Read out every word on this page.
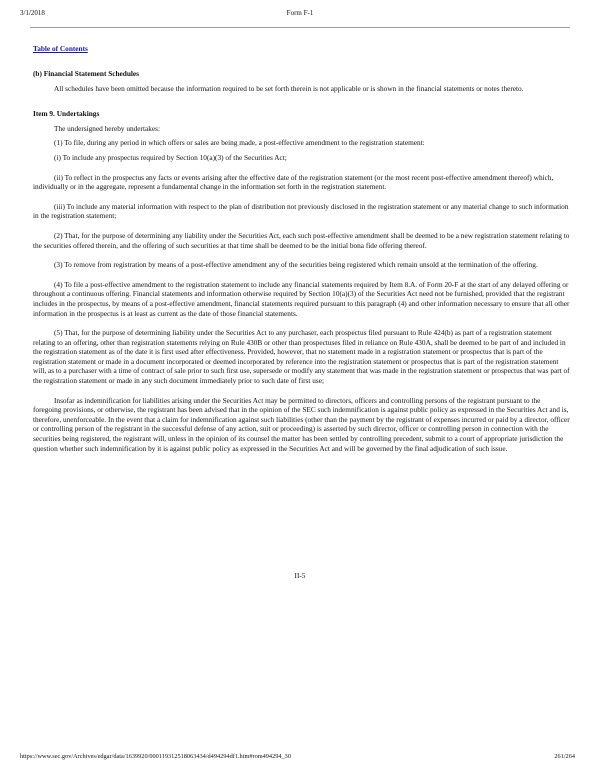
3/1/2018	Form F-1
Table of Contents

(b) Financial Statement Schedules

All schedules have been omitted because the information required to be set forth therein is not applicable or is shown in the financial statements or notes thereto.

Item 9. Undertakings

The undersigned hereby undertakes:

(1) To file, during any period in which offers or sales are being made, a post-effective amendment to the registration statement:

(i) To include any prospectus required by Section 10(a)(3) of the Securities Act;

(ii) To reflect in the prospectus any facts or events arising after the effective date of the registration statement (or the most recent post-effective amendment thereof) which, individually or in the aggregate, represent a fundamental change in the information set forth in the registration statement.

(iii) To include any material information with respect to the plan of distribution not previously disclosed in the registration statement or any material change to such information in the registration statement;

(2) That, for the purpose of determining any liability under the Securities Act, each such post-effective amendment shall be deemed to be a new registration statement relating to the securities offered therein, and the offering of such securities at that time shall be deemed to be the initial bona fide offering thereof.

(3) To remove from registration by means of a post-effective amendment any of the securities being registered which remain unsold at the termination of the offering.

(4) To file a post-effective amendment to the registration statement to include any financial statements required by Item 8.A. of Form 20-F at the start of any delayed offering or throughout a continuous offering. Financial statements and information otherwise required by Section 10(a)(3) of the Securities Act need not be furnished, provided that the registrant includes in the prospectus, by means of a post-effective amendment, financial statements required pursuant to this paragraph (4) and other information necessary to ensure that all other information in the prospectus is at least as current as the date of those financial statements.

(5) That, for the purpose of determining liability under the Securities Act to any purchaser, each prospectus filed pursuant to Rule 424(b) as part of a registration statement relating to an offering, other than registration statements relying on Rule 430B or other than prospectuses filed in reliance on Rule 430A, shall be deemed to be part of and included in the registration statement as of the date it is first used after effectiveness. Provided, however, that no statement made in a registration statement or prospectus that is part of the registration statement or made in a document incorporated or deemed incorporated by reference into the registration statement or prospectus that is part of the registration statement will, as to a purchaser with a time of contract of sale prior to such first use, supersede or modify any statement that was made in the registration statement or prospectus that was part of the registration statement or made in any such document immediately prior to such date of first use;

Insofar as indemnification for liabilities arising under the Securities Act may be permitted to directors, officers and controlling persons of the registrant pursuant to the foregoing provisions, or otherwise, the registrant has been advised that in the opinion of the SEC such indemnification is against public policy as expressed in the Securities Act and is, therefore, unenforceable. In the event that a claim for indemnification against such liabilities (other than the payment by the registrant of expenses incurred or paid by a director, officer or controlling person of the registrant in the successful defense of any action, suit or proceeding) is asserted by such director, officer or controlling person in connection with the securities being registered, the registrant will, unless in the opinion of its counsel the matter has been settled by controlling precedent, submit to a court of appropriate jurisdiction the question whether such indemnification by it is against public policy as expressed in the Securities Act and will be governed by the final adjudication of such issue.

II-5
https://www.sec.gov/Archives/edgar/data/1639920/000119312518063434/d494294df1.htm#rom494294_30	261/264
